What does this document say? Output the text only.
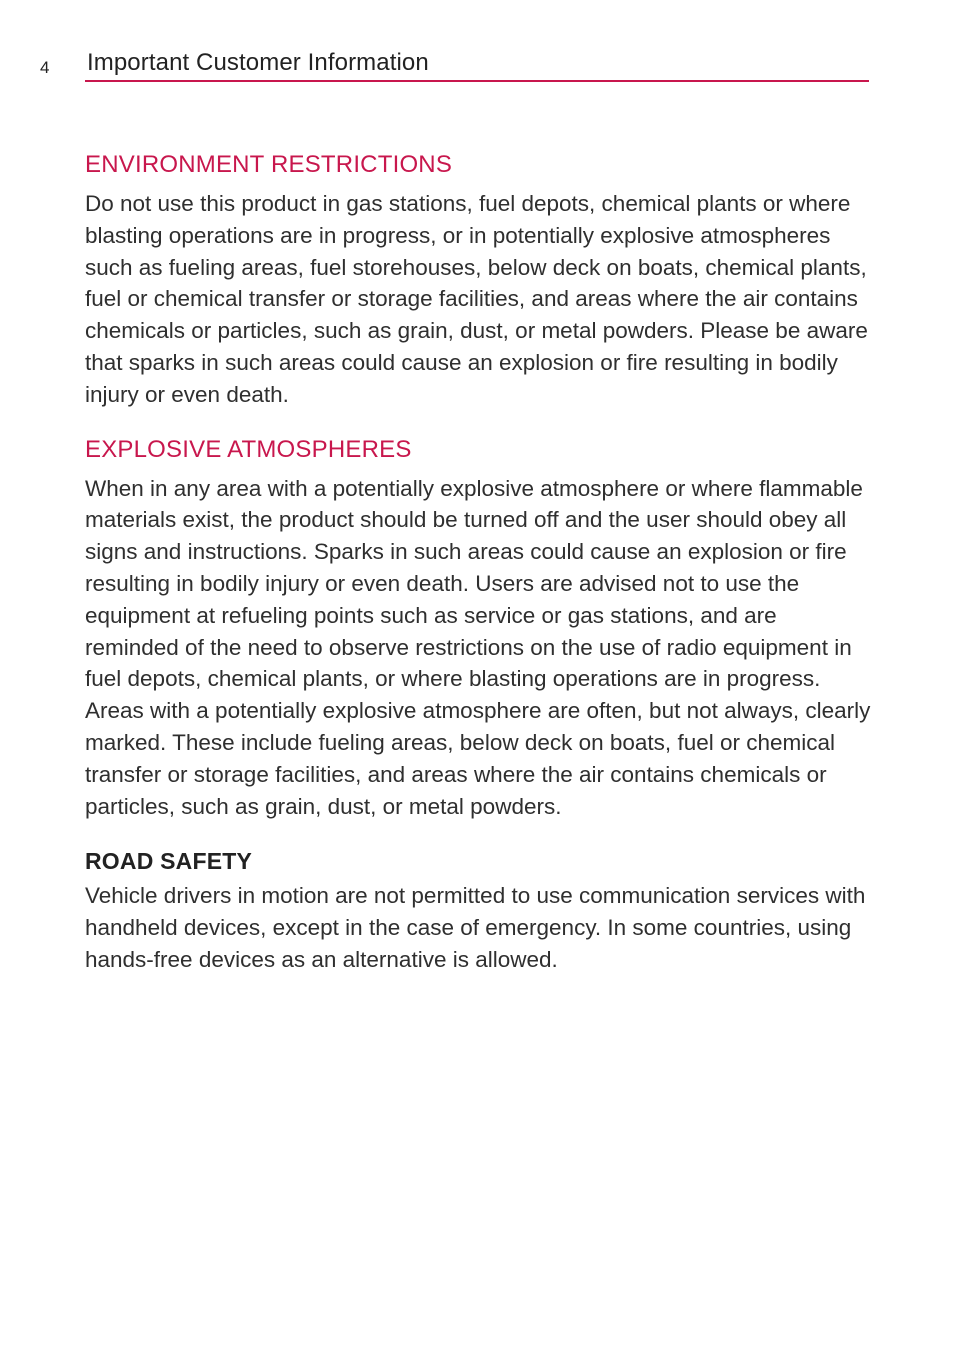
4 Important Customer Information
ENVIRONMENT RESTRICTIONS

Do not use this product in gas stations, fuel depots, chemical plants or where blasting operations are in progress, or in potentially explosive atmospheres such as fueling areas, fuel storehouses, below deck on boats, chemical plants, fuel or chemical transfer or storage facilities, and areas where the air contains chemicals or particles, such as grain, dust, or metal powders. Please be aware that sparks in such areas could cause an explosion or fire resulting in bodily injury or even death.

EXPLOSIVE ATMOSPHERES

When in any area with a potentially explosive atmosphere or where flammable materials exist, the product should be turned off and the user should obey all signs and instructions. Sparks in such areas could cause an explosion or fire resulting in bodily injury or even death. Users are advised not to use the equipment at refueling points such as service or gas stations, and are reminded of the need to observe restrictions on the use of radio equipment in fuel depots, chemical plants, or where blasting operations are in progress. Areas with a potentially explosive atmosphere are often, but not always, clearly marked. These include fueling areas, below deck on boats, fuel or chemical transfer or storage facilities, and areas where the air contains chemicals or particles, such as grain, dust, or metal powders.

ROAD SAFETY

Vehicle drivers in motion are not permitted to use communication services with handheld devices, except in the case of emergency. In some countries, using hands-free devices as an alternative is allowed.
